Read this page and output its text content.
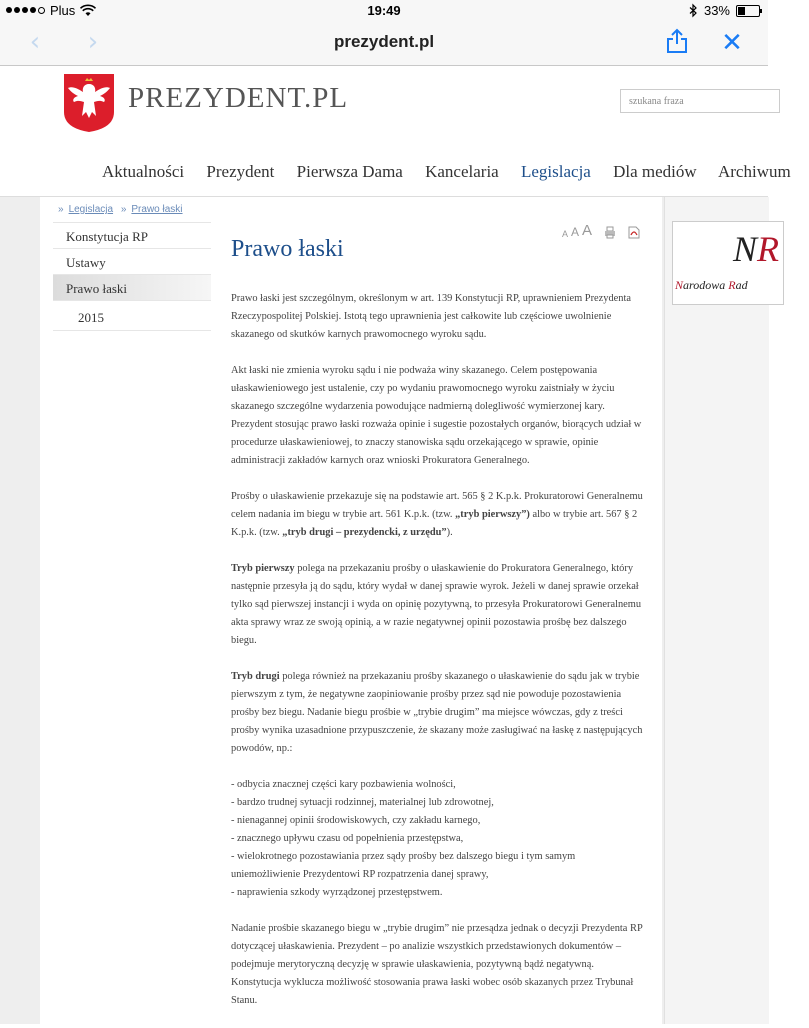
Plus	19:49	33%
‹	›	prezydent.pl	✕
PREZYDENT.PL	szukana fraza
Aktualności Prezydent Pierwsza Dama Kancelaria Legislacja Dla mediów Archiwum
NR
Narodowa Rad
» Legislacja » Prawo łaski
Konstytucja RP
Ustawy
Prawo łaski
2015
A A A
Prawo łaski

Prawo łaski jest szczególnym, określonym w art. 139 Konstytucji RP, uprawnieniem Prezydenta Rzeczypospolitej Polskiej. Istotą tego uprawnienia jest całkowite lub częściowe uwolnienie skazanego od skutków karnych prawomocnego wyroku sądu.

Akt łaski nie zmienia wyroku sądu i nie podważa winy skazanego. Celem postępowania ułaskawieniowego jest ustalenie, czy po wydaniu prawomocnego wyroku zaistniały w życiu skazanego szczególne wydarzenia powodujące nadmierną dolegliwość wymierzonej kary. Prezydent stosując prawo łaski rozważa opinie i sugestie pozostałych organów, biorących udział w procedurze ułaskawieniowej, to znaczy stanowiska sądu orzekającego w sprawie, opinie administracji zakładów karnych oraz wnioski Prokuratora Generalnego.

Prośby o ułaskawienie przekazuje się na podstawie art. 565 § 2 K.p.k. Prokuratorowi Generalnemu celem nadania im biegu w trybie art. 561 K.p.k. (tzw. „tryb pierwszy”) albo w trybie art. 567 § 2 K.p.k. (tzw. „tryb drugi – prezydencki, z urzędu”).

Tryb pierwszy polega na przekazaniu prośby o ułaskawienie do Prokuratora Generalnego, który następnie przesyła ją do sądu, który wydał w danej sprawie wyrok. Jeżeli w danej sprawie orzekał tylko sąd pierwszej instancji i wyda on opinię pozytywną, to przesyła Prokuratorowi Generalnemu akta sprawy wraz ze swoją opinią, a w razie negatywnej opinii pozostawia prośbę bez dalszego biegu.

Tryb drugi polega również na przekazaniu prośby skazanego o ułaskawienie do sądu jak w trybie pierwszym z tym, że negatywne zaopiniowanie prośby przez sąd nie powoduje pozostawienia prośby bez biegu. Nadanie biegu prośbie w „trybie drugim” ma miejsce wówczas, gdy z treści prośby wynika uzasadnione przypuszczenie, że skazany może zasługiwać na łaskę z następujących powodów, np.:

- odbycia znacznej części kary pozbawienia wolności,
- bardzo trudnej sytuacji rodzinnej, materialnej lub zdrowotnej,
- nienagannej opinii środowiskowych, czy zakładu karnego,
- znacznego upływu czasu od popełnienia przestępstwa,
- wielokrotnego pozostawiania przez sądy prośby bez dalszego biegu i tym samym uniemożliwienie Prezydentowi RP rozpatrzenia danej sprawy,
- naprawienia szkody wyrządzonej przestępstwem.

Nadanie prośbie skazanego biegu w „trybie drugim” nie przesądza jednak o decyzji Prezydenta RP dotyczącej ułaskawienia. Prezydent – po analizie wszystkich przedstawionych dokumentów – podejmuje merytoryczną decyzję w sprawie ułaskawienia, pozytywną bądź negatywną. Konstytucja wyklucza możliwość stosowania prawa łaski wobec osób skazanych przez Trybunał Stanu.
